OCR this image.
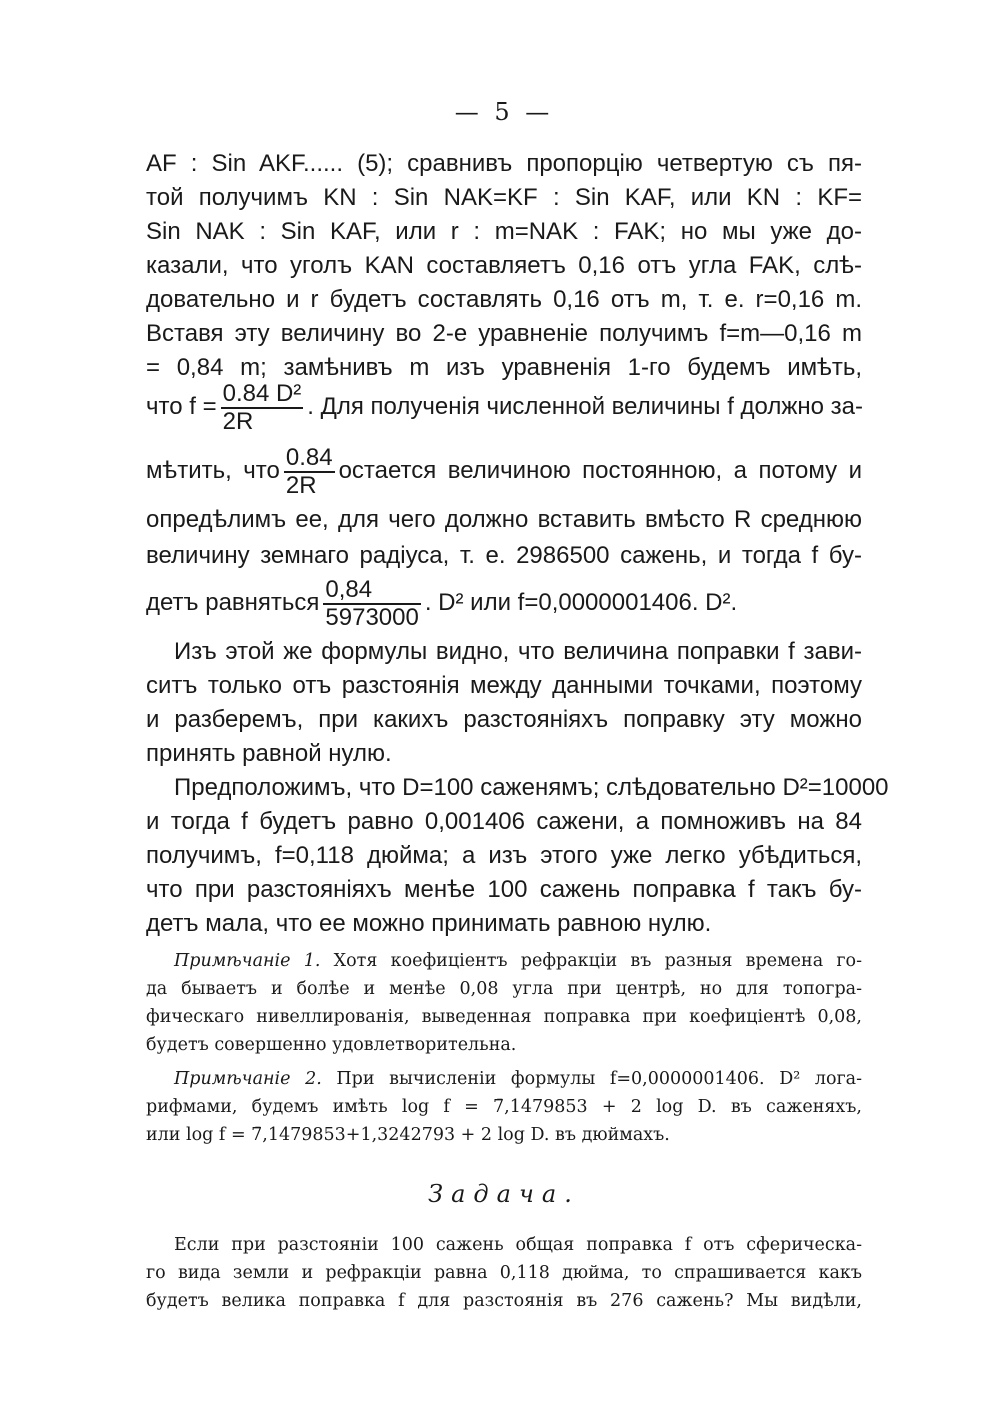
— 5 —
AF : Sin AKF...... (5); сравнивъ пропорцію четвертую съ пя-
той получимъ KN : Sin NAK=KF : Sin KAF, или KN : KF=
Sin NAK : Sin KAF, или r : m=NAK : FAK; но мы уже до-
казали, что уголъ KAN составляетъ 0,16 отъ угла FAK, слѣ-
довательно и r будетъ составлять 0,16 отъ m, т. е. r=0,16 m.
Вставя эту величину во 2-е уравненіе получимъ f=m—0,16 m
= 0,84 m; замѣнивъ m изъ уравненія 1-го будемъ имѣть,
что $f = \frac{\text{0.84 D²}}{2R}$ . Для полученія численной величины f должно за-
мѣтить, что $\frac{0.84}{2R}$ остается величиною постоянною, а потому и
опредѣлимъ ее, для чего должно вставить вмѣсто R среднюю
величину земнаго радіуса, т. е. 2986500 сажень, и тогда f бу-
детъ равняться $\frac{0,84}{5973000}$ . D² или f=0,0000001406. D².
Изъ этой же формулы видно, что величина поправки f зави-
ситъ только отъ разстоянія между данными точками, поэтому
и разберемъ, при какихъ разстояніяхъ поправку эту можно
принять равной нулю.
Предположимъ, что D=100 саженямъ; слѣдовательно D²=10000
и тогда f будетъ равно 0,001406 сажени, а помноживъ на 84
получимъ, f=0,118 дюйма; а изъ этого уже легко убѣдиться,
что при разстояніяхъ менѣе 100 сажень поправка f такъ бу-
детъ мала, что ее можно принимать равною нулю.
Примѣчаніе 1. Хотя коефиціентъ рефракціи въ разныя времена го-
да бываетъ и болѣе и менѣе 0,08 угла при центрѣ, но для топогра-
фическаго нивеллированія, выведенная поправка при коефиціентѣ 0,08,
будетъ совершенно удовлетворительна.
Примѣчаніе 2. При вычисленіи формулы f=0,0000001406. D² лога-
рифмами, будемъ имѣть log f = 7̄,1479853 + 2 log D. въ саженяхъ,
или log f = 7̄,1479853+1,3242793 + 2 log D. въ дюймахъ.
Задача.
Если при разстояніи 100 сажень общая поправка f отъ сферическа-
го вида земли и рефракціи равна 0,118 дюйма, то спрашивается какъ
будетъ велика поправка f для разстоянія въ 276 сажень? Мы видѣли,
